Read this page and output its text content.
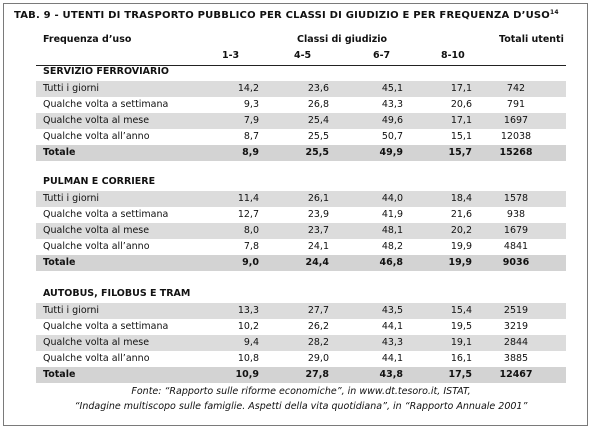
TAB. 9 - UTENTI DI TRASPORTO PUBBLICO PER CLASSI DI GIUDIZIO E PER FREQUENZA D’USO$^{14}$
Frequenza d’uso	Classi di giudizio	Totali utenti
1-3	4-5	6-7	8-10
SERVIZIO FERROVIARIO
Tutti i giorni	14,2	23,6	45,1	17,1	742
Qualche volta a settimana	9,3	26,8	43,3	20,6	791
Qualche volta al mese	7,9	25,4	49,6	17,1	1697
Qualche volta all’anno	8,7	25,5	50,7	15,1	12038
Totale	8,9	25,5	49,9	15,7	15268
PULMAN E CORRIERE
Tutti i giorni	11,4	26,1	44,0	18,4	1578
Qualche volta a settimana	12,7	23,9	41,9	21,6	938
Qualche volta al mese	8,0	23,7	48,1	20,2	1679
Qualche volta all’anno	7,8	24,1	48,2	19,9	4841
Totale	9,0	24,4	46,8	19,9	9036
AUTOBUS, FILOBUS E TRAM
Tutti i giorni	13,3	27,7	43,5	15,4	2519
Qualche volta a settimana	10,2	26,2	44,1	19,5	3219
Qualche volta al mese	9,4	28,2	43,3	19,1	2844
Qualche volta all’anno	10,8	29,0	44,1	16,1	3885
Totale	10,9	27,8	43,8	17,5	12467
Fonte: “Rapporto sulle riforme economiche”, in www.dt.tesoro.it, ISTAT,
“Indagine multiscopo sulle famiglie. Aspetti della vita quotidiana”, in “Rapporto Annuale 2001”
